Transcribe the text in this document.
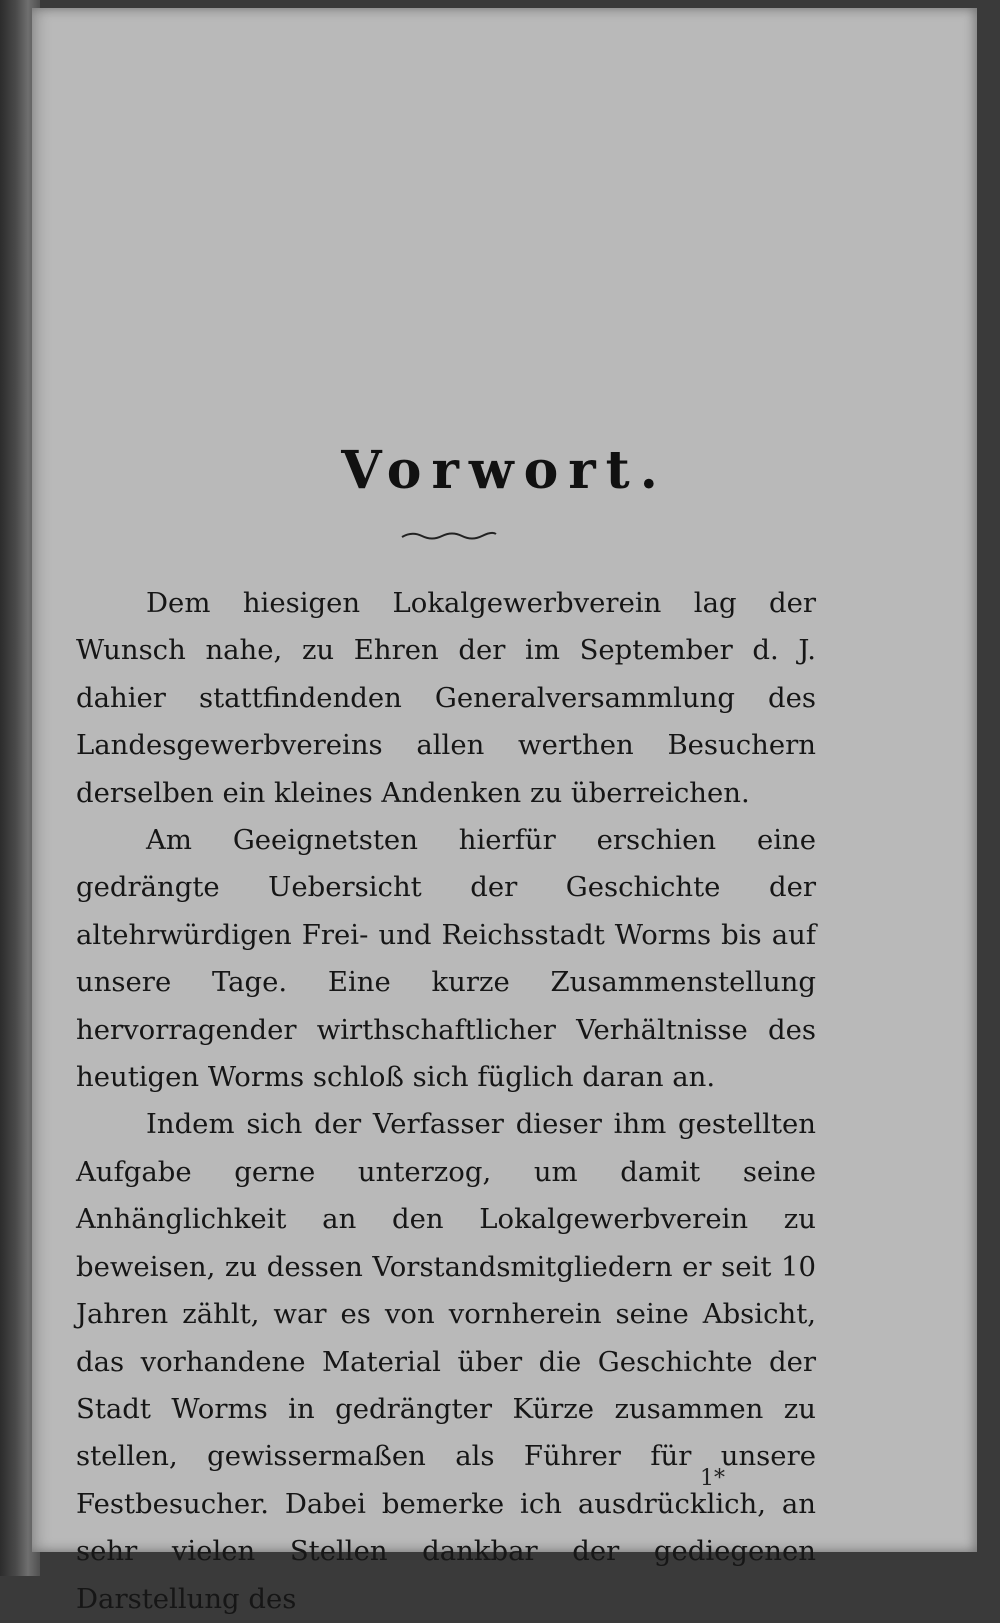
Vorwort.

Dem hiesigen Lokalgewerbverein lag der Wunsch nahe, zu Ehren der im September d. J. dahier stattfindenden Generalversammlung des Landesgewerbvereins allen werthen Besuchern derselben ein kleines Andenken zu überreichen.

Am Geeignetsten hierfür erschien eine gedrängte Uebersicht der Geschichte der altehrwürdigen Frei- und Reichsstadt Worms bis auf unsere Tage. Eine kurze Zusammenstellung hervorragender wirthschaftlicher Verhältnisse des heutigen Worms schloß sich füglich daran an.

Indem sich der Verfasser dieser ihm gestellten Aufgabe gerne unterzog, um damit seine Anhänglichkeit an den Lokalgewerbverein zu beweisen, zu dessen Vorstandsmitgliedern er seit 10 Jahren zählt, war es von vornherein seine Absicht, das vorhandene Material über die Geschichte der Stadt Worms in gedrängter Kürze zusammen zu stellen, gewissermaßen als Führer für unsere Festbesucher. Dabei bemerke ich ausdrücklich, an sehr vielen Stellen dankbar der gediegenen Darstellung des

1*
